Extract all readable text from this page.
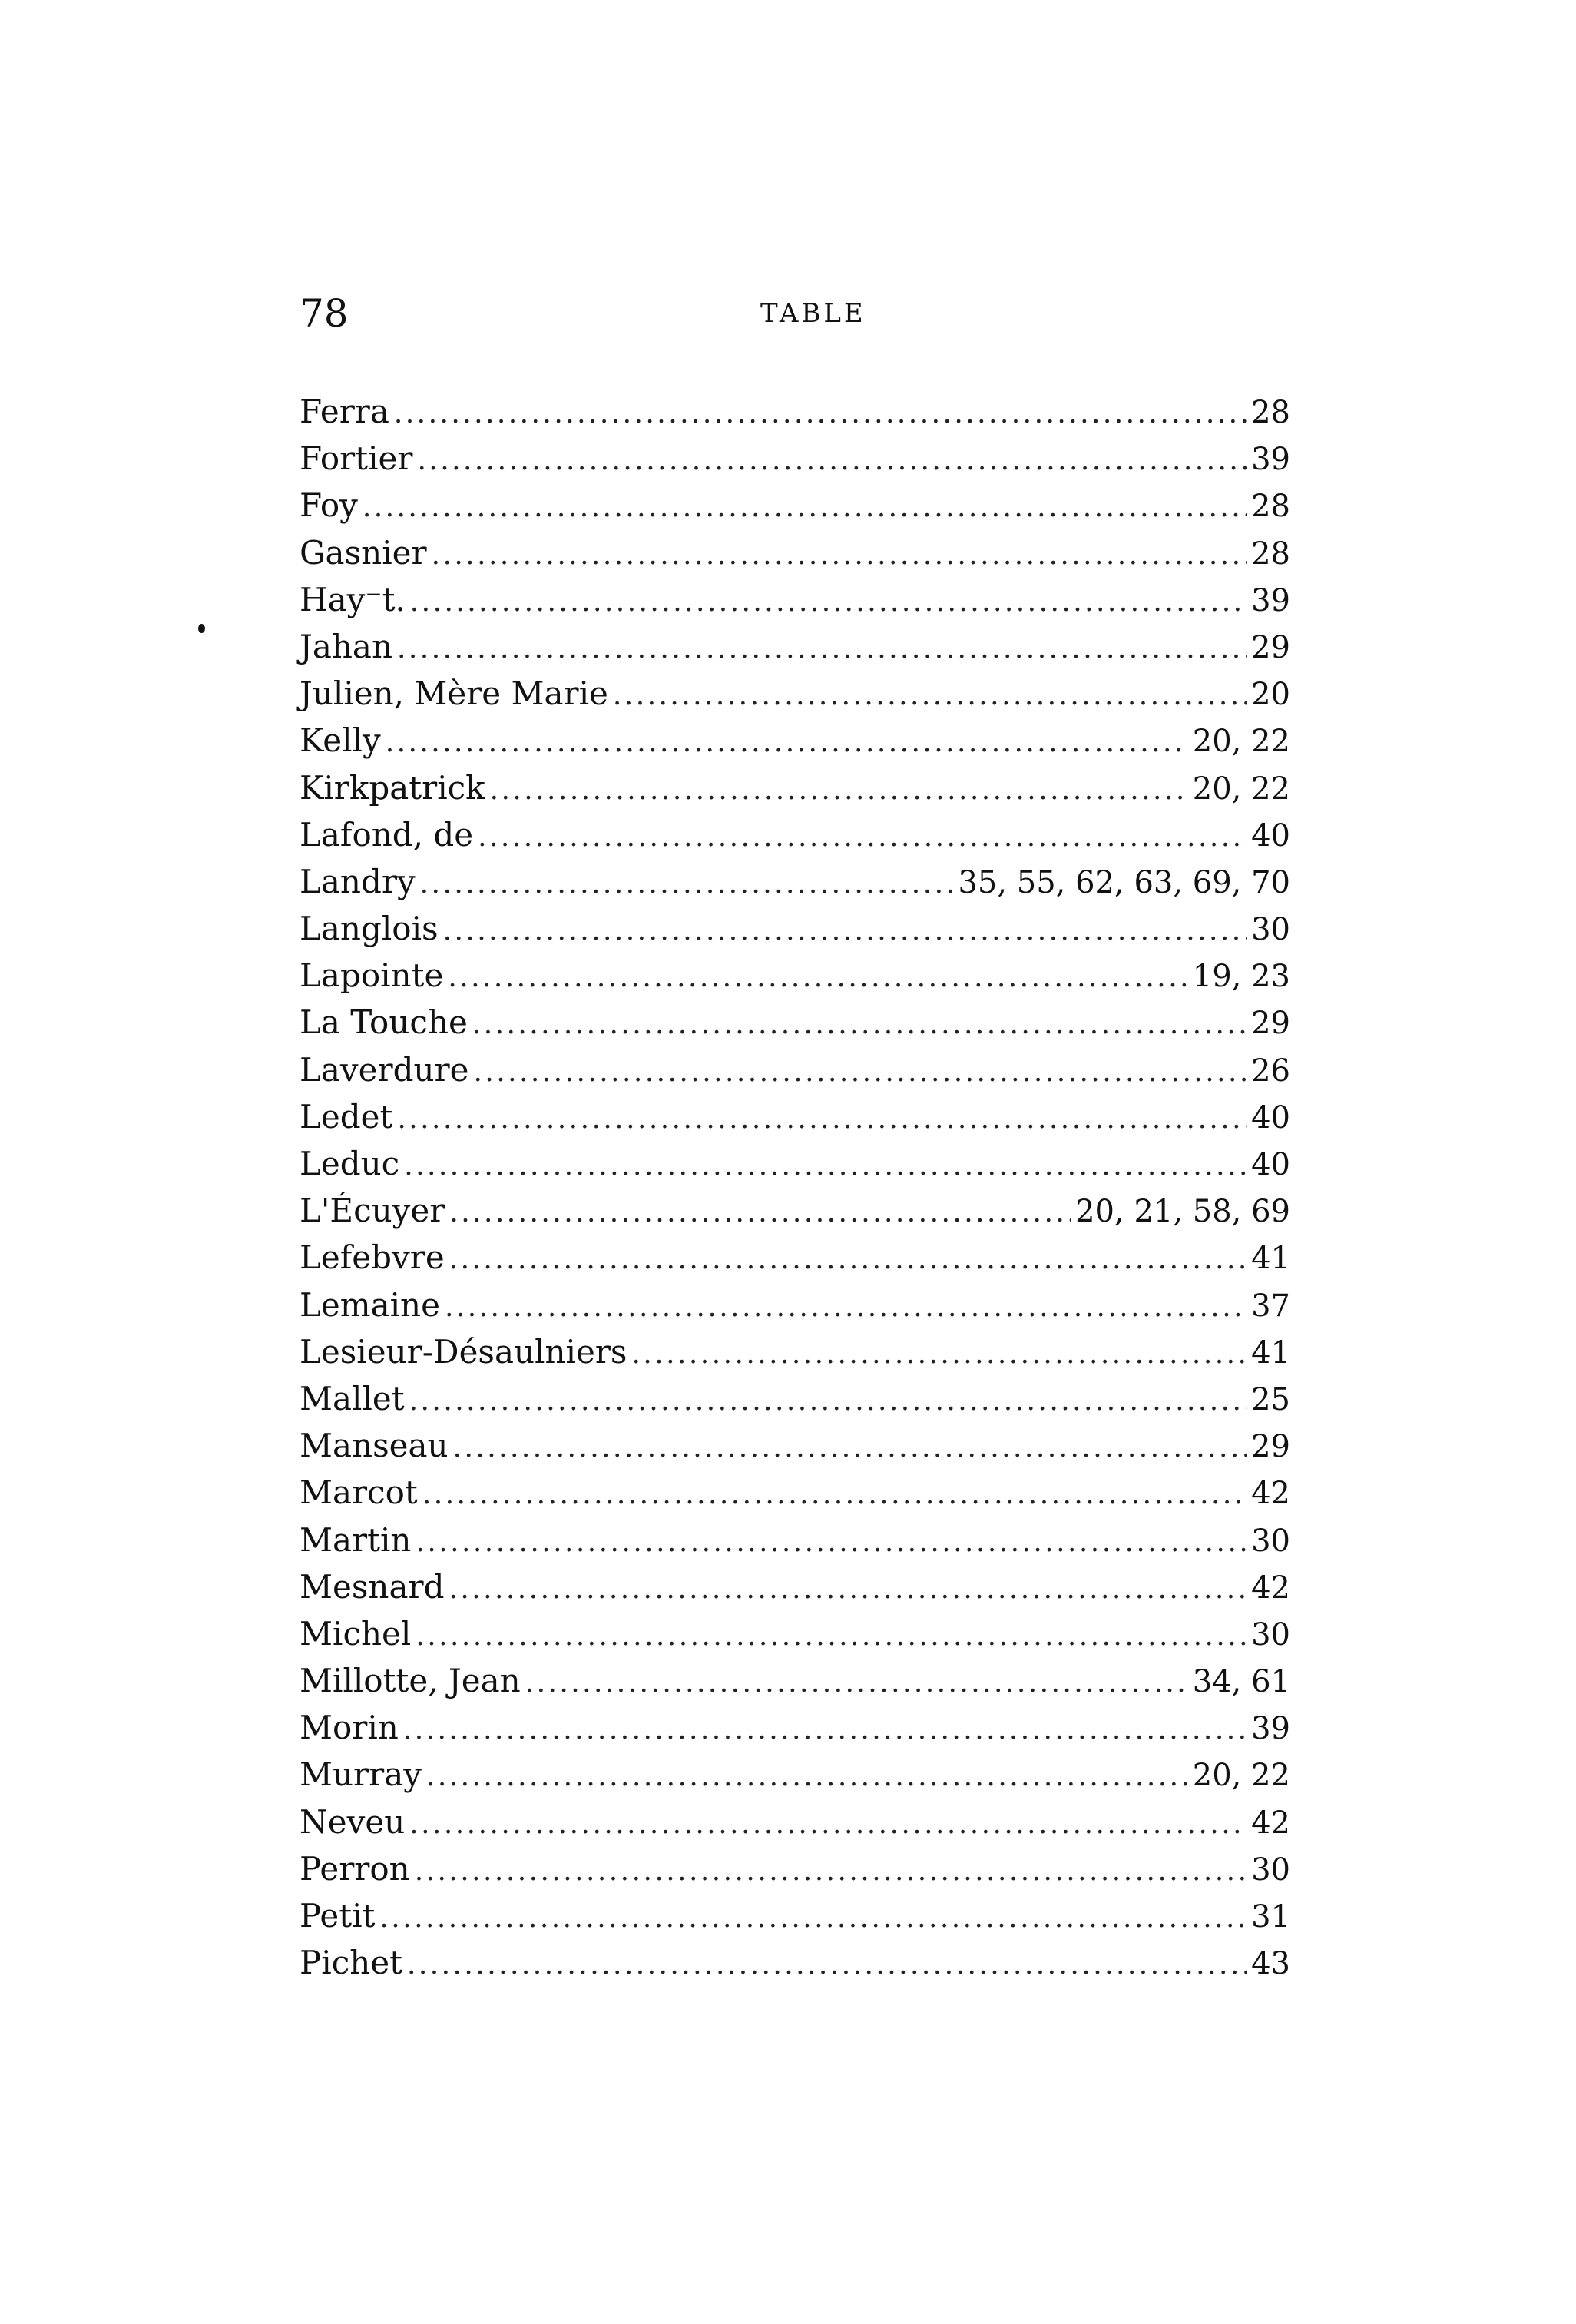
78	TABLE
Ferra . . .	28
Fortier . . .	39
Foy . . .	28
Gasnier . . .	28
Hay⁻t. . . .	39
Jahan . . .	29
Julien, Mère Marie . . .	20
Kelly . . .	20, 22
Kirkpatrick . . .	20, 22
Lafond, de . . .	40
Landry . . .	35, 55, 62, 63, 69, 70
Langlois . . .	30
Lapointe . . .	19, 23
La Touche . . .	29
Laverdure . . .	26
Ledet . . .	40
Leduc . . .	40
L'Écuyer . . .	20, 21, 58, 69
Lefebvre . . .	41
Lemaine . . .	37
Lesieur-Désaulniers . . .	41
Mallet . . .	25
Manseau . . .	29
Marcot . . .	42
Martin . . .	30
Mesnard . . .	42
Michel . . .	30
Millotte, Jean . . .	34, 61
Morin . . .	39
Murray . . .	20, 22
Neveu . . .	42
Perron . . .	30
Petit . . .	31
Pichet . . .	43
